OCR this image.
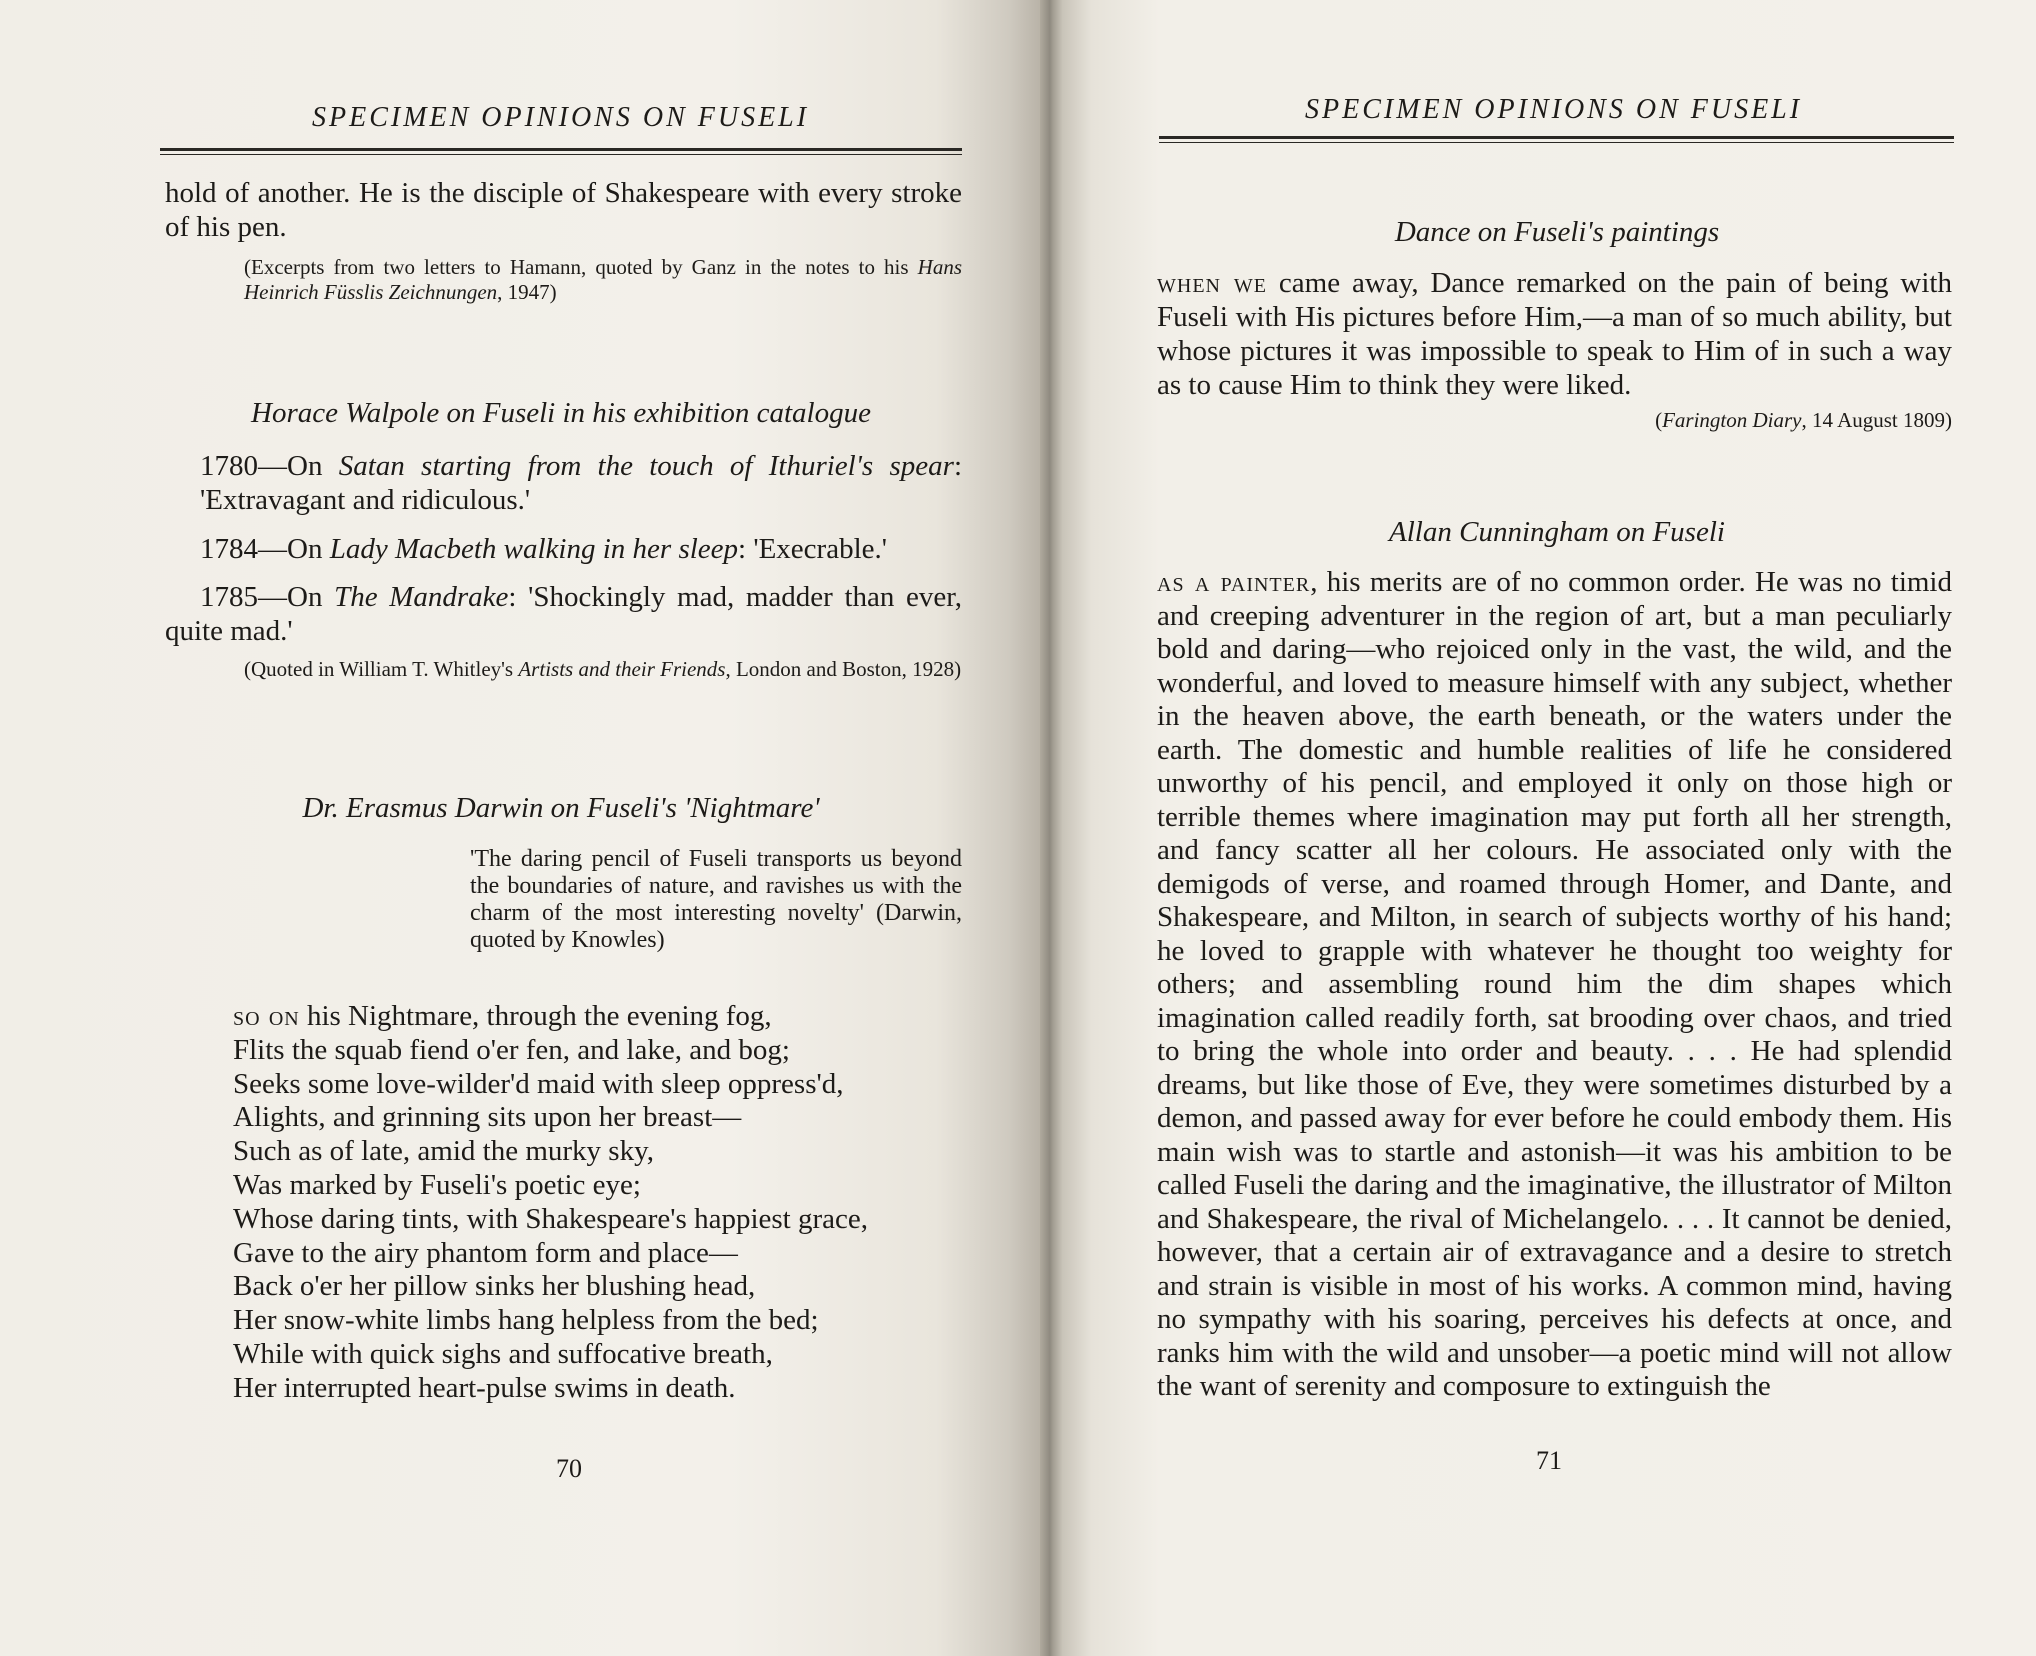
SPECIMEN OPINIONS ON FUSELI
hold of another. He is the disciple of Shakespeare with every stroke of his pen.
(Excerpts from two letters to Hamann, quoted by Ganz in the notes to his Hans Heinrich Füsslis Zeichnungen, 1947)
Horace Walpole on Fuseli in his exhibition catalogue
1780—On Satan starting from the touch of Ithuriel's spear: 'Extravagant and ridiculous.'
1784—On Lady Macbeth walking in her sleep: 'Execrable.'
1785—On The Mandrake: 'Shockingly mad, madder than ever, quite mad.'
(Quoted in William T. Whitley's Artists and their Friends, London and Boston, 1928)
Dr. Erasmus Darwin on Fuseli's 'Nightmare'
'The daring pencil of Fuseli transports us beyond the boundaries of nature, and ravishes us with the charm of the most interesting novelty' (Darwin, quoted by Knowles)
so on his Nightmare, through the evening fog,
Flits the squab fiend o'er fen, and lake, and bog;
Seeks some love-wilder'd maid with sleep oppress'd,
Alights, and grinning sits upon her breast—
Such as of late, amid the murky sky,
Was marked by Fuseli's poetic eye;
Whose daring tints, with Shakespeare's happiest grace,
Gave to the airy phantom form and place—
Back o'er her pillow sinks her blushing head,
Her snow-white limbs hang helpless from the bed;
While with quick sighs and suffocative breath,
Her interrupted heart-pulse swims in death.
70
SPECIMEN OPINIONS ON FUSELI
Dance on Fuseli's paintings
when we came away, Dance remarked on the pain of being with Fuseli with His pictures before Him,—a man of so much ability, but whose pictures it was impossible to speak to Him of in such a way as to cause Him to think they were liked.
(Farington Diary, 14 August 1809)
Allan Cunningham on Fuseli
as a painter, his merits are of no common order. He was no timid and creeping adventurer in the region of art, but a man peculiarly bold and daring—who rejoiced only in the vast, the wild, and the wonderful, and loved to measure himself with any subject, whether in the heaven above, the earth beneath, or the waters under the earth. The domestic and humble realities of life he considered unworthy of his pencil, and employed it only on those high or terrible themes where imagination may put forth all her strength, and fancy scatter all her colours. He associated only with the demigods of verse, and roamed through Homer, and Dante, and Shakespeare, and Milton, in search of subjects worthy of his hand; he loved to grapple with whatever he thought too weighty for others; and assembling round him the dim shapes which imagination called readily forth, sat brooding over chaos, and tried to bring the whole into order and beauty. . . . He had splendid dreams, but like those of Eve, they were sometimes disturbed by a demon, and passed away for ever before he could embody them. His main wish was to startle and astonish—it was his ambition to be called Fuseli the daring and the imaginative, the illustrator of Milton and Shakespeare, the rival of Michelangelo. . . . It cannot be denied, however, that a certain air of extravagance and a desire to stretch and strain is visible in most of his works. A common mind, having no sympathy with his soaring, perceives his defects at once, and ranks him with the wild and unsober—a poetic mind will not allow the want of serenity and composure to extinguish the
71
